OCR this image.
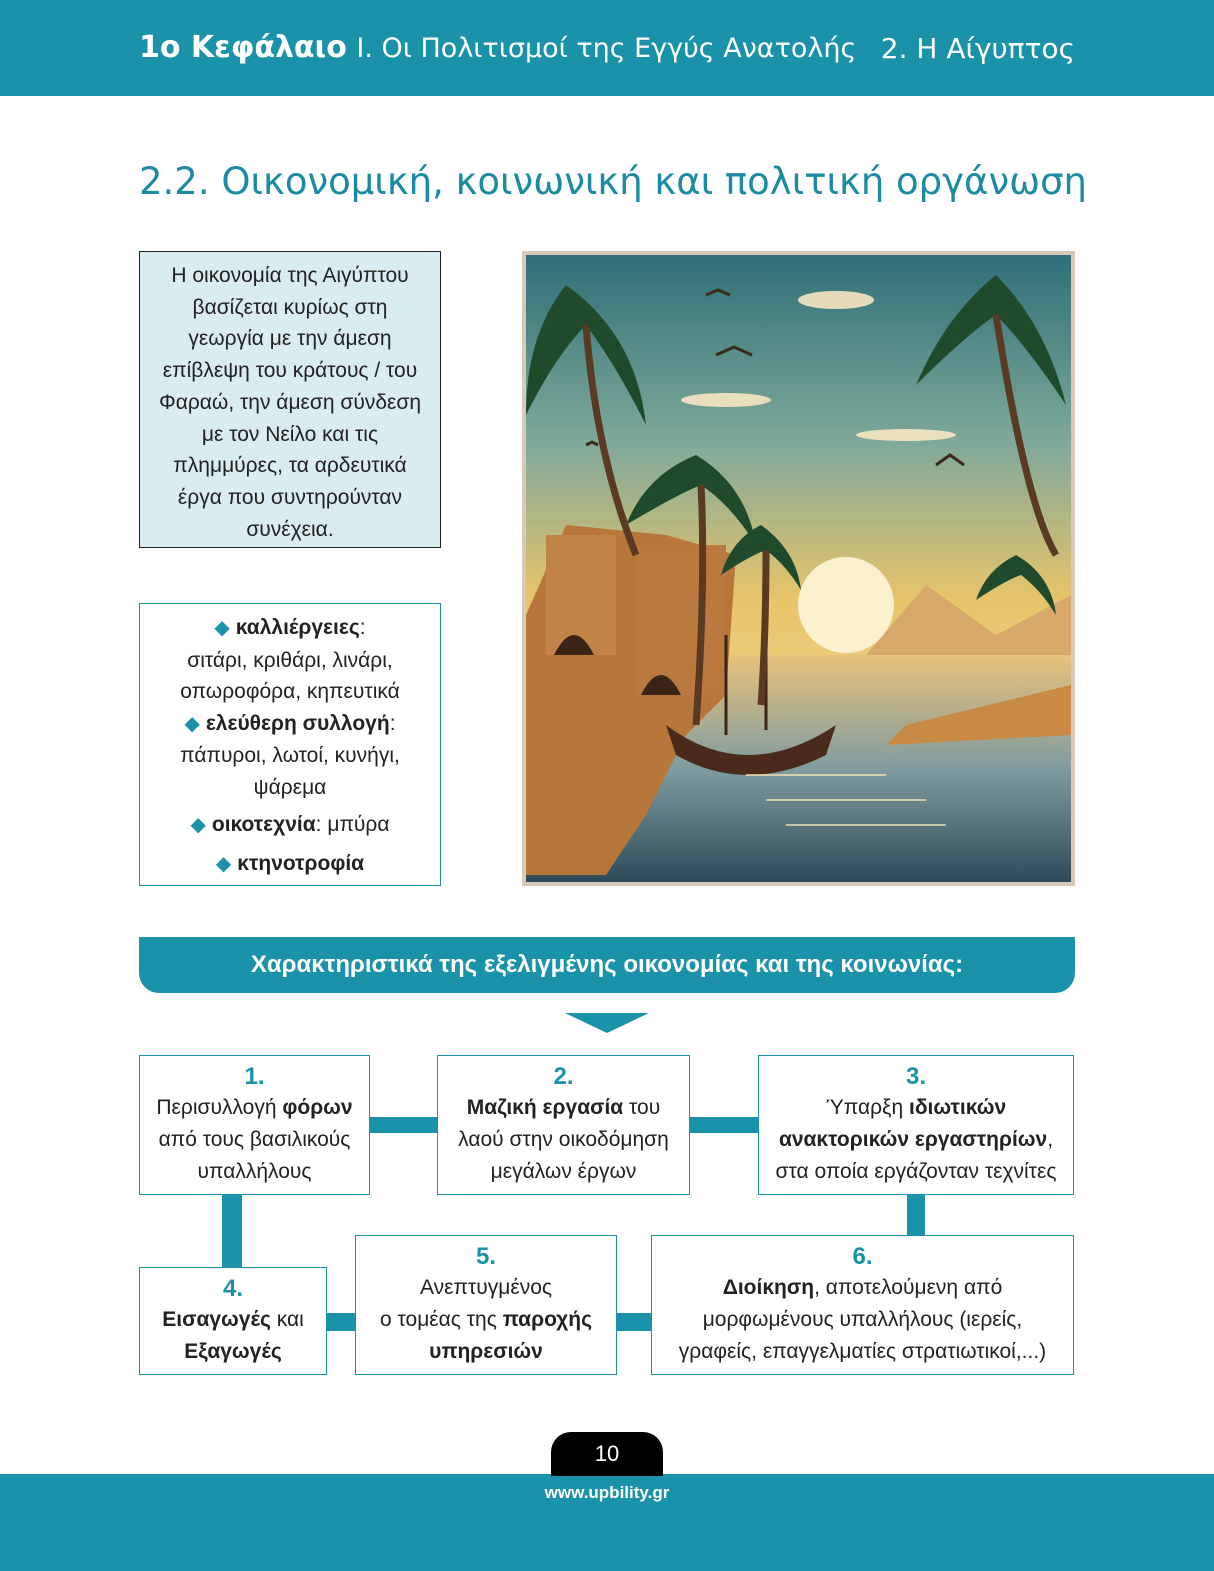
1ο Κεφάλαιο Ι. Οι Πολιτισμοί της Εγγύς Ανατολής 2. Η Αίγυπτος
2.2. Οικονομική, κοινωνική και πολιτική οργάνωση
Η οικονομία της Αιγύπτου
βασίζεται κυρίως στη
γεωργία με την άμεση
επίβλεψη του κράτους / του
Φαραώ, την άμεση σύνδεση
με τον Νείλο και τις
πλημμύρες, τα αρδευτικά
έργα που συντηρούνταν
συνέχεια.
◆ καλλιέργειες:
σιτάρι, κριθάρι, λινάρι,
οπωροφόρα, κηπευτικά
◆ ελεύθερη συλλογή:
πάπυροι, λωτοί, κυνήγι,
ψάρεμα
◆ οικοτεχνία: μπύρα
◆ κτηνοτροφία
Χαρακτηριστικά της εξελιγμένης οικονομίας και της κοινωνίας:
1.
Περισυλλογή φόρων
από τους βασιλικούς
υπαλλήλους
2.
Μαζική εργασία του
λαού στην οικοδόμηση
μεγάλων έργων
3.
Ύπαρξη ιδιωτικών
ανακτορικών εργαστηρίων,
στα οποία εργάζονταν τεχνίτες
4.
Εισαγωγές και
Εξαγωγές
5.
Ανεπτυγμένος
ο τομέας της παροχής
υπηρεσιών
6.
Διοίκηση, αποτελούμενη από
μορφωμένους υπαλλήλους (ιερείς,
γραφείς, επαγγελματίες στρατιωτικοί,...)
10
www.upbility.gr
